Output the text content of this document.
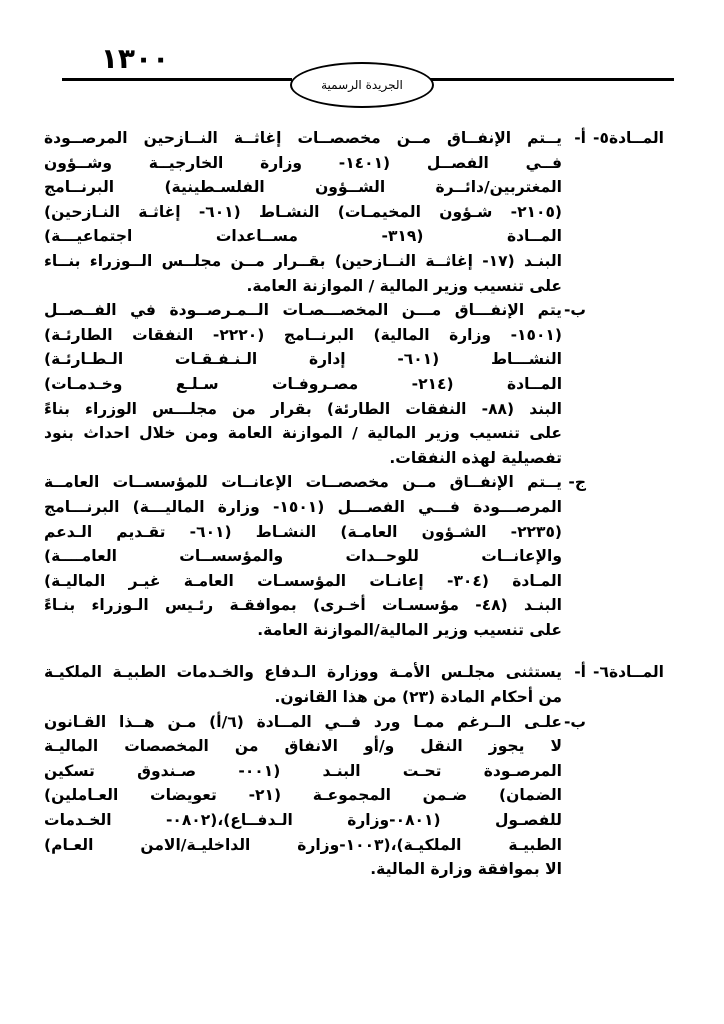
١٣٠٠
الجريدة الرسمية
المــادة٥-
أ-
يــتم الإنفــاق مــن مخصصــات إغاثــة النــازحين المرصــودة
فــي الفصــل (١٤٠١- وزارة الخارجيــة وشــؤون
المغتربين/دائــرة الشــؤون الفلسـطينية) البرنــامج
(٢١٠٥- شـؤون المخيمـات) النشـاط (٦٠١- إغاثـة النـازحين)
المــادة (٣١٩- مســاعدات اجتماعيـــة)
البنـد (١٧- إغاثــة النــازحين) بقــرار مــن مجلــس الــوزراء بنــاء
على تنسيب وزير المالية / الموازنة العامة.
ب-
يتم الإنفـــاق مـــن المخصـــصـات الــمـرصــودة في الفــصــل
(١٥٠١- وزارة المالية) البرنــامج (٢٢٢٠- النفقات الطارئـة)
النشـــاط (٦٠١- إدارة الـنـفـقـات الـطـارئـة)
المــادة (٢١٤- مصـروفـات سـلـع وخـدمـات)
البند (٨٨- النفقات الطارئة) بقرار من مجلـــس الوزراء بناءً
على تنسيب وزير المالية / الموازنة العامة ومن خلال احداث بنود
تفصيلية لهذه النفقات.
ج-
يــتم الإنفــاق مــن مخصصــات الإعانــات للمؤسســات العامــة
المرصـــودة فـــي الفصـــل (١٥٠١- وزارة الماليـــة) البرنـــامج
(٢٢٣٥- الشـؤون العامـة) النشـاط (٦٠١- تقـديم الـدعم
والإعانــات للوحــدات والمؤسســات العامــــة)
المـادة (٣٠٤- إعانـات المؤسسـات العامـة غيـر الماليـة)
البنـد (٤٨- مؤسسـات أخـرى) بموافقـة رئـيس الـوزراء بنـاءً
على تنسيب وزير المالية/الموازنة العامة.
المــادة٦-
أ-
يستثنى مجلـس الأمـة ووزارة الـدفاع والخـدمات الطبيـة الملكيـة
من أحكام المادة (٢٣) من هذا القانون.
ب-
علـى الــرغم ممـا ورد فــي المــادة (٦/أ) مـن هــذا القـانون
لا يجوز النقل و/أو الانفاق من المخصصات الماليـة
المرصـودة تحـت البنـد (٠٠١- صـندوق تسكين
الضمان) ضـمن المجموعـة (٢١- تعويضات العـاملين)
للفصـول (٠٨٠١-وزارة الـدفــاع)،(٠٨٠٢- الخـدمات
الطبيـة الملكيـة)،(١٠٠٣-وزارة الداخليـة/الامن العـام)
الا بموافقة وزارة المالية.
